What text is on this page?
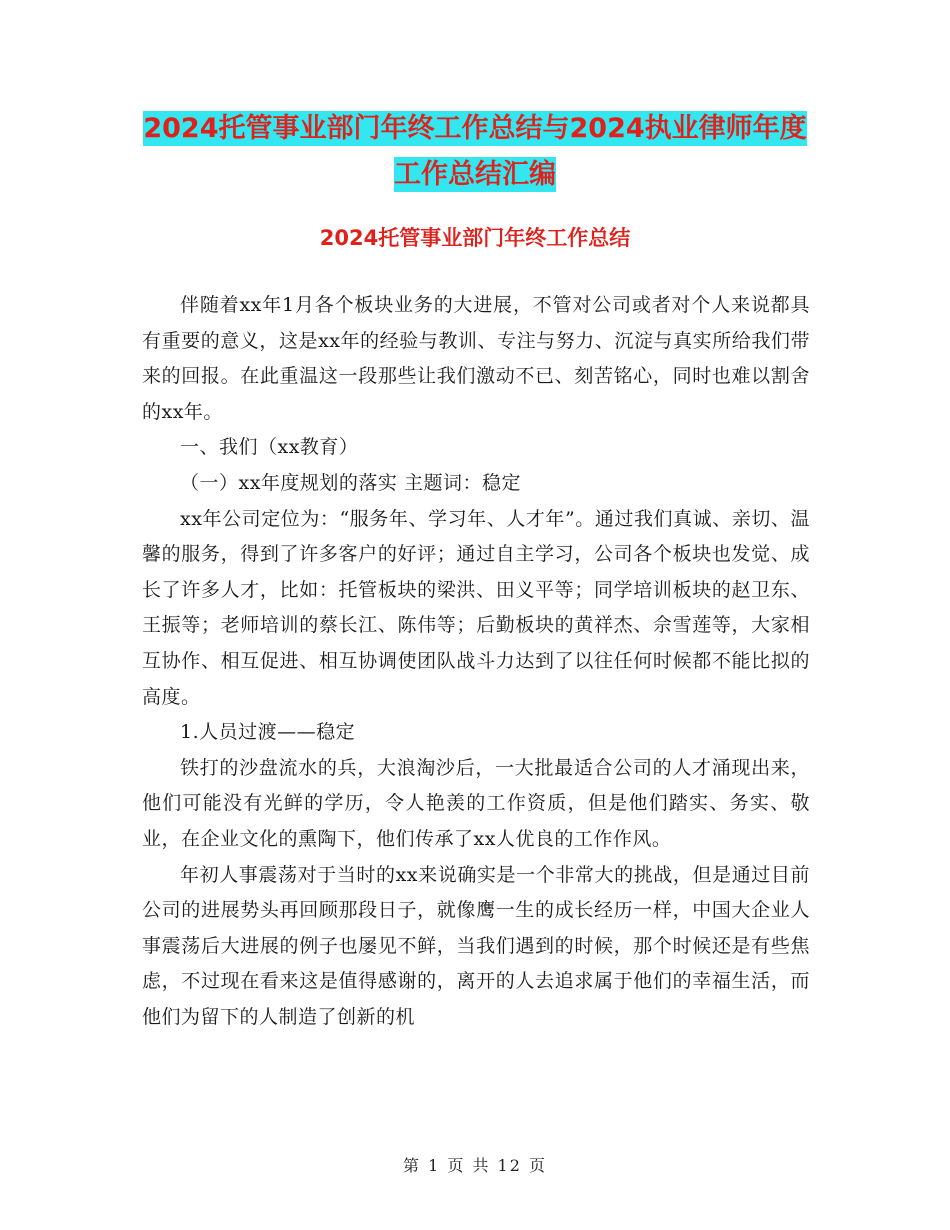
2024托管事业部门年终工作总结与2024执业律师年度
工作总结汇编
2024托管事业部门年终工作总结

伴随着xx年1月各个板块业务的大进展，不管对公司或者对个人来说都具有重要的意义，这是xx年的经验与教训、专注与努力、沉淀与真实所给我们带来的回报。在此重温这一段那些让我们激动不已、刻苦铭心，同时也难以割舍的xx年。

一、我们（xx教育）

（一）xx年度规划的落实 主题词：稳定

xx年公司定位为：“服务年、学习年、人才年”。通过我们真诚、亲切、温馨的服务，得到了许多客户的好评；通过自主学习，公司各个板块也发觉、成长了许多人才，比如：托管板块的梁洪、田义平等；同学培训板块的赵卫东、王振等；老师培训的蔡长江、陈伟等；后勤板块的黄祥杰、佘雪莲等，大家相互协作、相互促进、相互协调使团队战斗力达到了以往任何时候都不能比拟的高度。

1.人员过渡——稳定

铁打的沙盘流水的兵，大浪淘沙后，一大批最适合公司的人才涌现出来，他们可能没有光鲜的学历，令人艳羡的工作资质，但是他们踏实、务实、敬业，在企业文化的熏陶下，他们传承了xx人优良的工作作风。

年初人事震荡对于当时的xx来说确实是一个非常大的挑战，但是通过目前公司的进展势头再回顾那段日子，就像鹰一生的成长经历一样，中国大企业人事震荡后大进展的例子也屡见不鲜，当我们遇到的时候，那个时候还是有些焦虑，不过现在看来这是值得感谢的，离开的人去追求属于他们的幸福生活，而他们为留下的人制造了创新的机

第 1 页 共 12 页
